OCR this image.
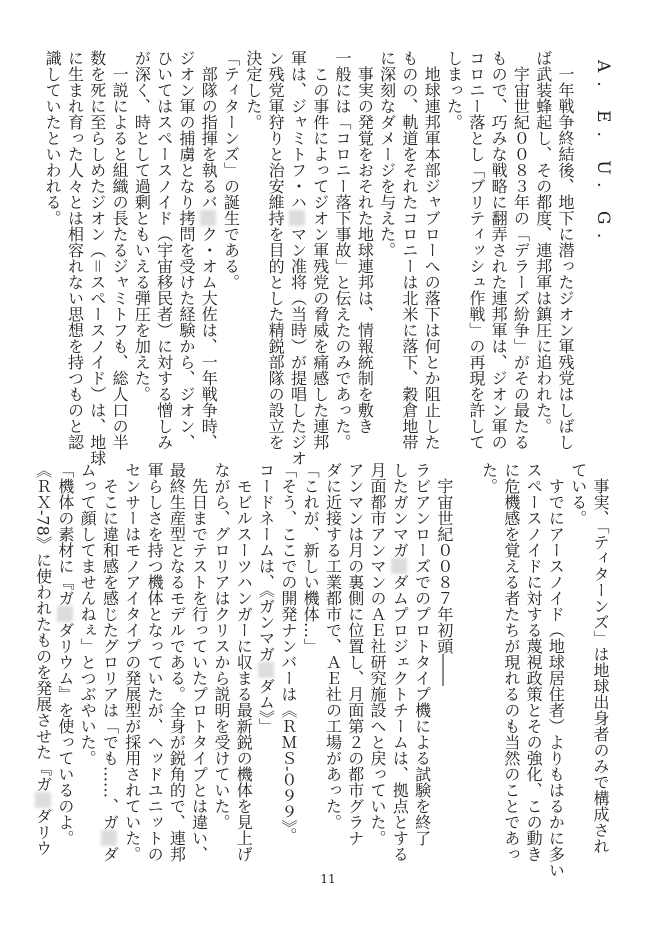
A. E. U. G.
　一年戦争終結後、地下に潜ったジオン軍残党はしばし
ば武装蜂起し、その都度、連邦軍は鎮圧に追われた。
　宇宙世紀００８３年の「デラーズ紛争」がその最たる
もので、巧みな戦略に翻弄された連邦軍は、ジオン軍の
コロニー落とし「ブリティッシュ作戦」の再現を許して
しまった。
　地球連邦軍本部ジャブローへの落下は何とか阻止した
ものの、軌道をそれたコロニーは北米に落下、穀倉地帯
に深刻なダメージを与えた。
　事実の発覚をおそれた地球連邦は、情報統制を敷き
一般には「コロニー落下事故」と伝えたのみであった。
　この事件によってジオン軍残党の脅威を痛感した連邦
軍は、ジャミトフ・ハマン准将（当時）が提唱したジオ
ン残党軍狩りと治安維持を目的とした精鋭部隊の設立を
決定した。
「ティターンズ」の誕生である。
　部隊の指揮を執るバク・オム大佐は、一年戦争時、
ジオン軍の捕虜となり拷問を受けた経験から、ジオン、
ひいてはスペースノイド（宇宙移民者）に対する憎しみ
が深く、時として過剰ともいえる弾圧を加えた。
　一説によると組織の長たるジャミトフも、総人口の半
数を死に至らしめたジオン（＝スペースノイド）は、地球
に生まれ育った人々とは相容れない思想を持つものと認
識していたといわれる。
　事実、「ティターンズ」は地球出身者のみで構成され
ている。
　すでにアースノイド（地球居住者）よりもはるかに多い
スペースノイドに対する蔑視政策とその強化、この動き
に危機感を覚える者たちが現れるのも当然のことであっ
た。
　宇宙世紀００８７年初頭――
ラビアンローズでのプロトタイプ機による試験を終了
したガンマガダムプロジェクトチームは、拠点とする
月面都市アンマンのＡＥ社研究施設へと戻っていた。
アンマンは月の裏側に位置し、月面第２の都市グラナ
ダに近接する工業都市で、ＡＥ社の工場があった。
「これが、新しい機体…」
「そう、ここでの開発ナンバーは《ＲＭＳ‐０９９》。
コードネームは、《ガンマガダム》」
　モビルスーツハンガーに収まる最新鋭の機体を見上げ
ながら、グロリアはクリスから説明を受けていた。
　先日までテストを行っていたプロトタイプとは違い、
最終生産型となるモデルである。全身が鋭角的で、連邦
軍らしさを持つ機体となっていたが、ヘッドユニットの
センサーはモノアイタイプの発展型が採用されていた。
　そこに違和感を感じたグロリアは「でも……、ガダ
ムって顔してませんねぇ」とつぶやいた。
「機体の素材に『ガダリウム』を使っているのよ。
《ＲＸ‐78》に使われたものを発展させた『ガダリウ
11
